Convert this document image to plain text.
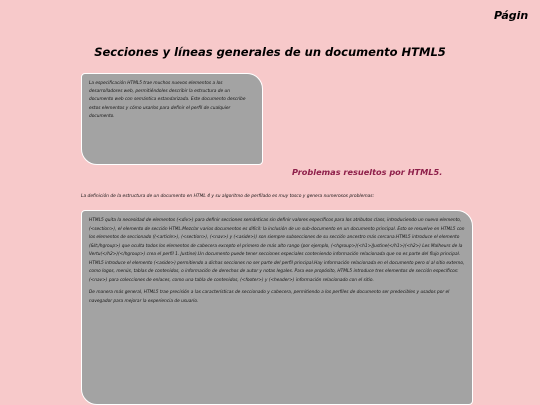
Págin
Secciones y líneas generales de un documento HTML5
La especificación HTML5 trae muchos nuevos elementos a los desarrolladores web, permitiéndoles describir la estructura de un documento web con semántica estandarizada. Este documento describe estos elementos y cómo usarlos para definir el perfil de cualquier documento.
Problemas resueltos por HTML5.
La definición de la estructura de un documento en HTML 4 y su algoritmo de perfilado es muy tosco y genera numerosos problemas:

HTML5 quita la necesidad de elementos (<div>) para definir secciones semánticas sin definir valores específicos para los atributos class, introduciendo un nuevo elemento, (<section>), el elemento de sección HTML.Mezclar varios documentos es difícil: la inclusión de un sub-documento en un documento principal. Esto se resuelve en HTML5 con los elementos de seccionado ((<article>), (<section>), (<nav>) y (<aside>)) son siempre subsecciones de su sección ancestro más cercana.HTML5 introduce el elemento (&lt;/hgroup>) que oculta todos los elementos de cabecera excepto el primero de más alto rango (por ejemplo, (<hgroup>)(<h1>)Justine(</h1>)(<h2>) Les Malheurs de la Vertu(</h2>)(</hgroup>) crea el perfil 1. Justine).Un documento puede tener secciones especiales conteniendo información relacionada que no es parte del flujo principal. HTML5 introduce el elemento (<aside>) permitiendo a dichas secciones no ser parte del perfil principal.Hay información relacionada en el documento pero sí al sitio externo, como logos, menús, tablas de contenidos, o información de derechos de autor y notas legales. Para ese propósito, HTML5 introduce tres elementos de sección específicos: (<nav>) para colecciones de enlaces, como una tabla de contenidos, (<footer>) y (<header>) información relacionado con el sitio.

De manera más general, HTML5 trae precisión a las características de seccionado y cabecera, permitiendo a los perfiles de documento ser predecibles y usados por el navegador para mejorar la experiencia de usuario.
